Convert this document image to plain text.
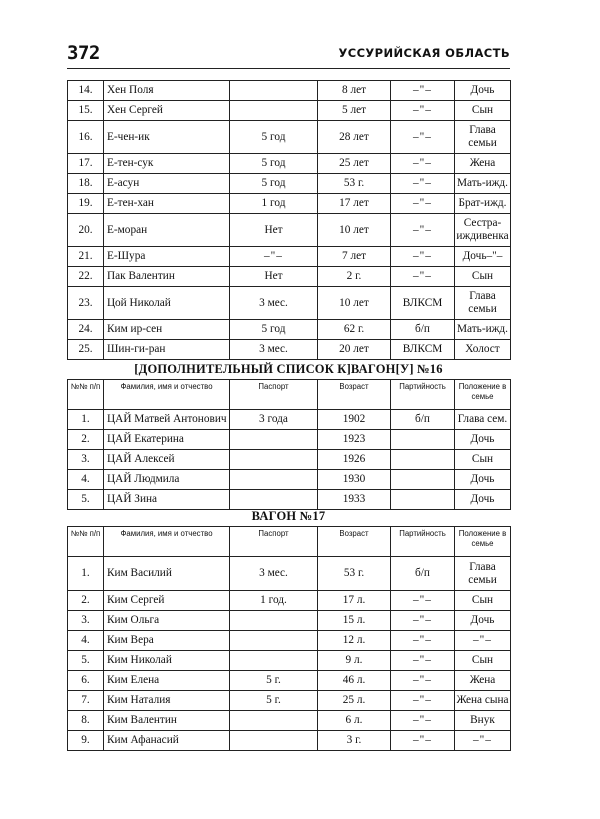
372	УССУРИЙСКАЯ ОБЛАСТЬ
14.	Хен Поля		8 лет	–"–	Дочь
15.	Хен Сергей		5 лет	–"–	Сын
16.	Е-чен-ик	5 год	28 лет	–"–	Глава семьи
17.	Е-тен-сук	5 год	25 лет	–"–	Жена
18.	Е-асун	5 год	53 г.	–"–	Мать-ижд.
19.	Е-тен-хан	1 год	17 лет	–"–	Брат-ижд.
20.	Е-моран	Нет	10 лет	–"–	Сестра-иждивенка
21.	Е-Шура	–"–	7 лет	–"–	Дочь–"–
22.	Пак Валентин	Нет	2 г.	–"–	Сын
23.	Цой Николай	3 мес.	10 лет	ВЛКСМ	Глава семьи
24.	Ким ир-сен	5 год	62 г.	б/п	Мать-ижд.
25.	Шин-ги-ран	3 мес.	20 лет	ВЛКСМ	Холост
[ДОПОЛНИТЕЛЬНЫЙ СПИСОК К]ВАГОН[У] №16
№№ п/п	Фамилия, имя и отчество	Паспорт	Возраст	Партийность	Положение в семье
1.	ЦАЙ Матвей Антонович	3 года	1902	б/п	Глава сем.
2.	ЦАЙ Екатерина		1923		Дочь
3.	ЦАЙ Алексей		1926		Сын
4.	ЦАЙ Людмила		1930		Дочь
5.	ЦАЙ Зина		1933		Дочь
ВАГОН №17
№№ п/п	Фамилия, имя и отчество	Паспорт	Возраст	Партийность	Положение в семье
1.	Ким Василий	3 мес.	53 г.	б/п	Глава семьи
2.	Ким Сергей	1 год.	17 л.	–"–	Сын
3.	Ким Ольга		15 л.	–"–	Дочь
4.	Ким Вера		12 л.	–"–	–"–
5.	Ким Николай		9 л.	–"–	Сын
6.	Ким Елена	5 г.	46 л.	–"–	Жена
7.	Ким Наталия	5 г.	25 л.	–"–	Жена сына
8.	Ким Валентин		6 л.	–"–	Внук
9.	Ким Афанасий		3 г.	–"–	–"–
